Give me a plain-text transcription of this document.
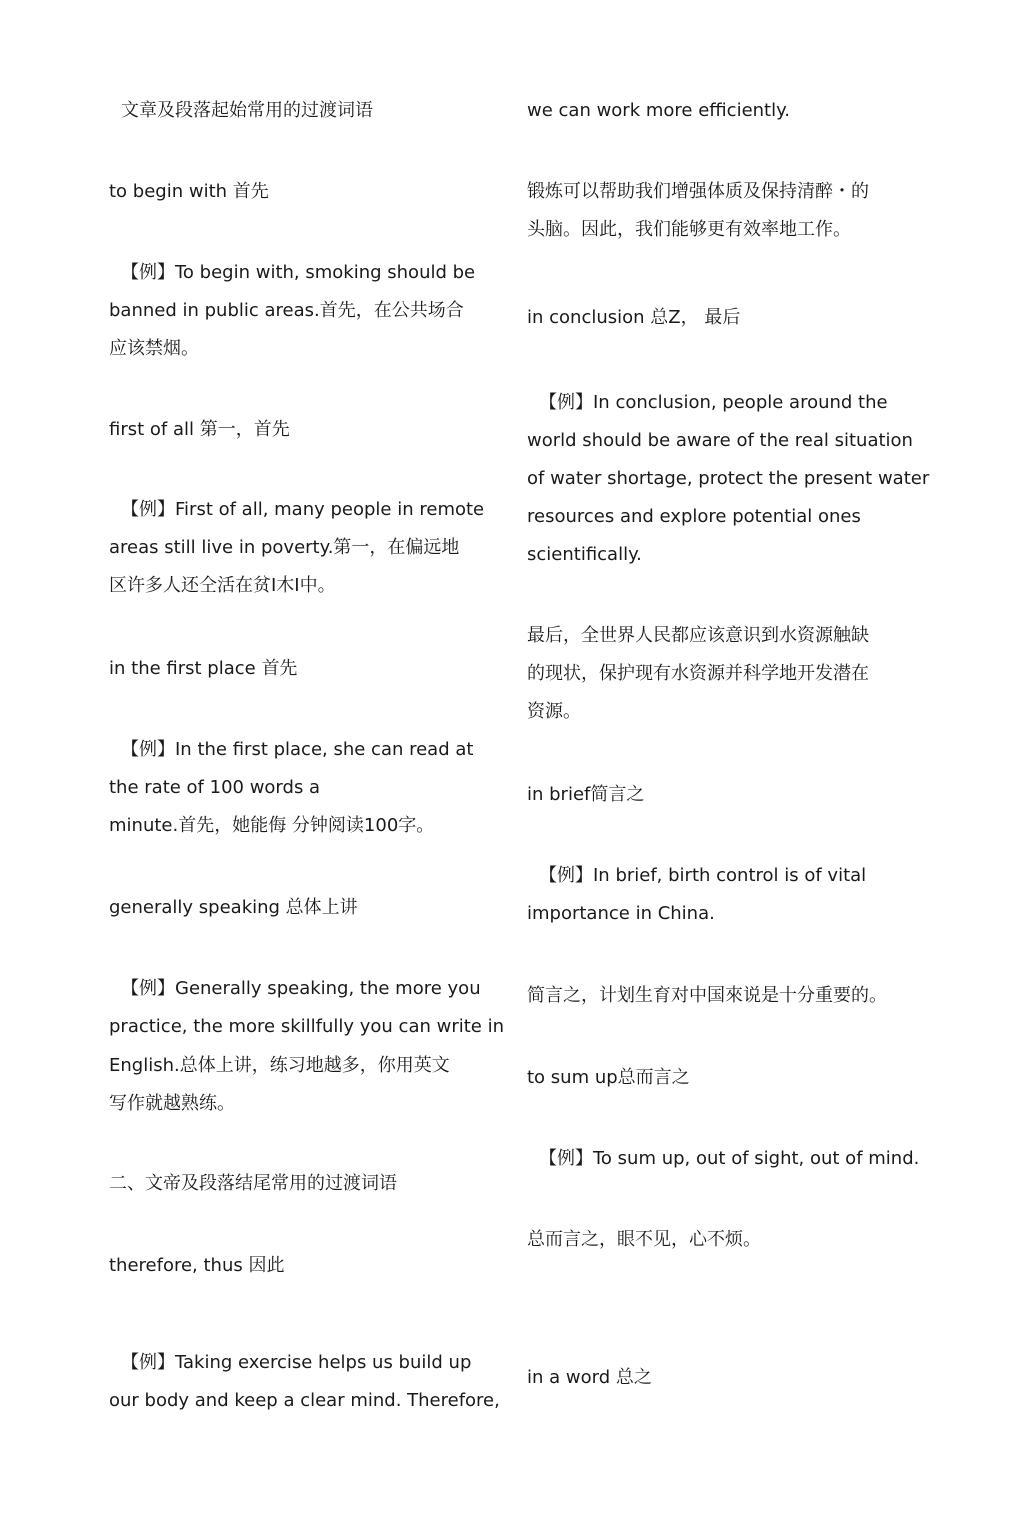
文章及段落起始常用的过渡词语
to begin with 首先
【例】To begin with, smoking should be
banned in public areas.首先，在公共场合
应该禁烟。
first of all 第一，首先
【例】First of all, many people in remote
areas still live in poverty.第一，在偏远地
区许多人还仝活在贫I木I中。
in the first place 首先
【例】In the first place, she can read at
the rate of 100 words a
minute.首先，她能侮 分钟阅读100字。
generally speaking 总体上讲
【例】Generally speaking, the more you
practice, the more skillfully you can write in
English.总体上讲，练习地越多，你用英文
写作就越熟练。
二、文帝及段落结尾常用的过渡词语
therefore, thus 因此
【例】Taking exercise helps us build up
our body and keep a clear mind. Therefore,
we can work more efficiently.
锻炼可以帮助我们增强体质及保持清醉・的
头脑。因此，我们能够更有效率地工作。
in conclusion 总Z， 最后
【例】In conclusion, people around the
world should be aware of the real situation
of water shortage, protect the present water
resources and explore potential ones
scientifically.
最后，全世界人民都应该意识到水资源触缺
的现状，保护现有水资源并科学地开发潜在
资源。
in brief简言之
【例】In brief, birth control is of vital
importance in China.
简言之，计划生育对中国來说是十分重要的。
to sum up总而言之
【例】To sum up, out of sight, out of mind.
总而言之，眼不见，心不烦。
in a word 总之
